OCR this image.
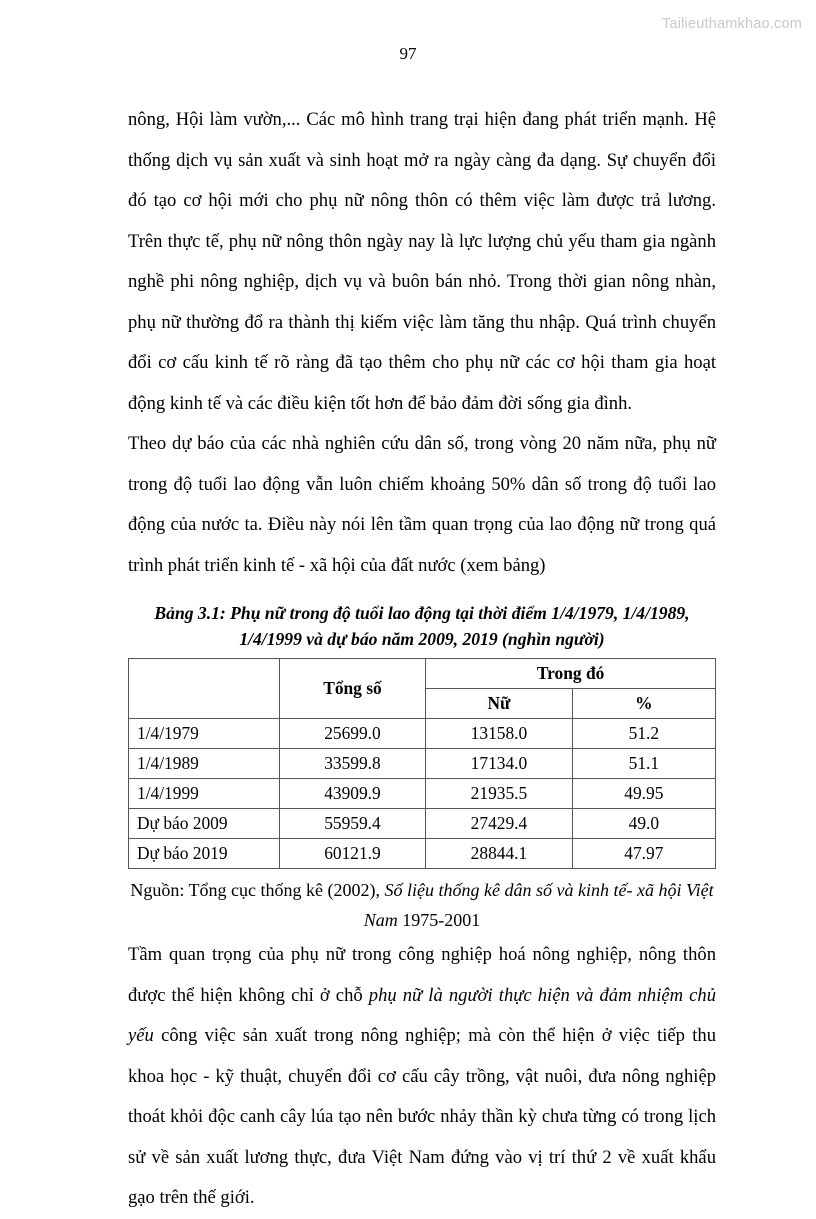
Tailieuthamkhao.com
97

nông, Hội làm vườn,... Các mô hình trang trại hiện đang phát triển mạnh. Hệ thống dịch vụ sản xuất và sinh hoạt mở ra ngày càng đa dạng. Sự chuyển đổi đó tạo cơ hội mới cho phụ nữ nông thôn có thêm việc làm được trả lương. Trên thực tế, phụ nữ nông thôn ngày nay là lực lượng chủ yếu tham gia ngành nghề phi nông nghiệp, dịch vụ và buôn bán nhỏ. Trong thời gian nông nhàn, phụ nữ thường đổ ra thành thị kiếm việc làm tăng thu nhập. Quá trình chuyển đổi cơ cấu kinh tế rõ ràng đã tạo thêm cho phụ nữ các cơ hội tham gia hoạt động kinh tế và các điều kiện tốt hơn để bảo đảm đời sống gia đình.

Theo dự báo của các nhà nghiên cứu dân số, trong vòng 20 năm nữa, phụ nữ trong độ tuổi lao động vẫn luôn chiếm khoảng 50% dân số trong độ tuổi lao động của nước ta. Điều này nói lên tầm quan trọng của lao động nữ trong quá trình phát triển kinh tế - xã hội của đất nước (xem bảng)

Bảng 3.1: Phụ nữ trong độ tuổi lao động tại thời điểm 1/4/1979, 1/4/1989,
1/4/1999 và dự báo năm 2009, 2019 (nghìn người)
	Tổng số	Trong đó	
		Nữ	%
1/4/1979	25699.0	13158.0	51.2
1/4/1989	33599.8	17134.0	51.1
1/4/1999	43909.9	21935.5	49.95
Dự báo 2009	55959.4	27429.4	49.0
Dự báo 2019	60121.9	28844.1	47.97

Nguồn: Tổng cục thống kê (2002), Số liệu thống kê dân số và kinh tế- xã hội Việt Nam 1975-2001

Tầm quan trọng của phụ nữ trong công nghiệp hoá nông nghiệp, nông thôn được thể hiện không chỉ ở chỗ phụ nữ là người thực hiện và đảm nhiệm chủ yếu công việc sản xuất trong nông nghiệp; mà còn thể hiện ở việc tiếp thu khoa học - kỹ thuật, chuyển đổi cơ cấu cây trồng, vật nuôi, đưa nông nghiệp thoát khỏi độc canh cây lúa tạo nên bước nhảy thần kỳ chưa từng có trong lịch sử về sản xuất lương thực, đưa Việt Nam đứng vào vị trí thứ 2 về xuất khẩu gạo trên thế giới.
